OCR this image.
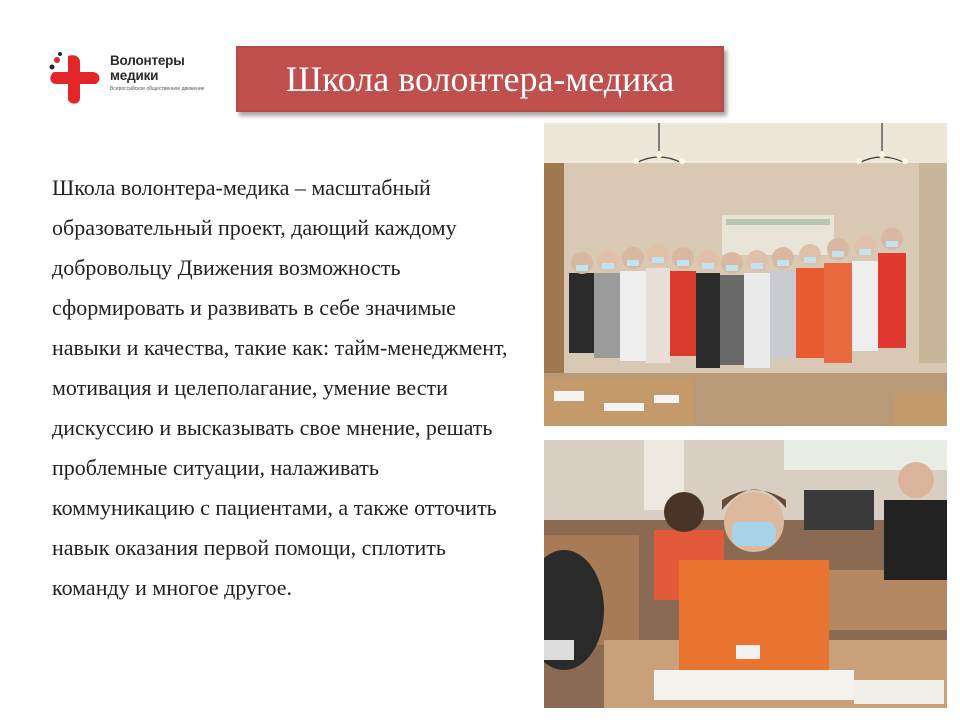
Волонтеры
медики
Всероссийское общественное движение	Школа волонтера-медика
Школа волонтера-медика – масштабный образовательный проект, дающий каждому добровольцу Движения возможность сформировать и развивать в себе значимые навыки и качества, такие как: тайм-менеджмент, мотивация и целеполагание, умение вести дискуссию и высказывать свое мнение, решать проблемные ситуации, налаживать коммуникацию с пациентами, а также отточить навык оказания первой помощи, сплотить команду и многое другое.
